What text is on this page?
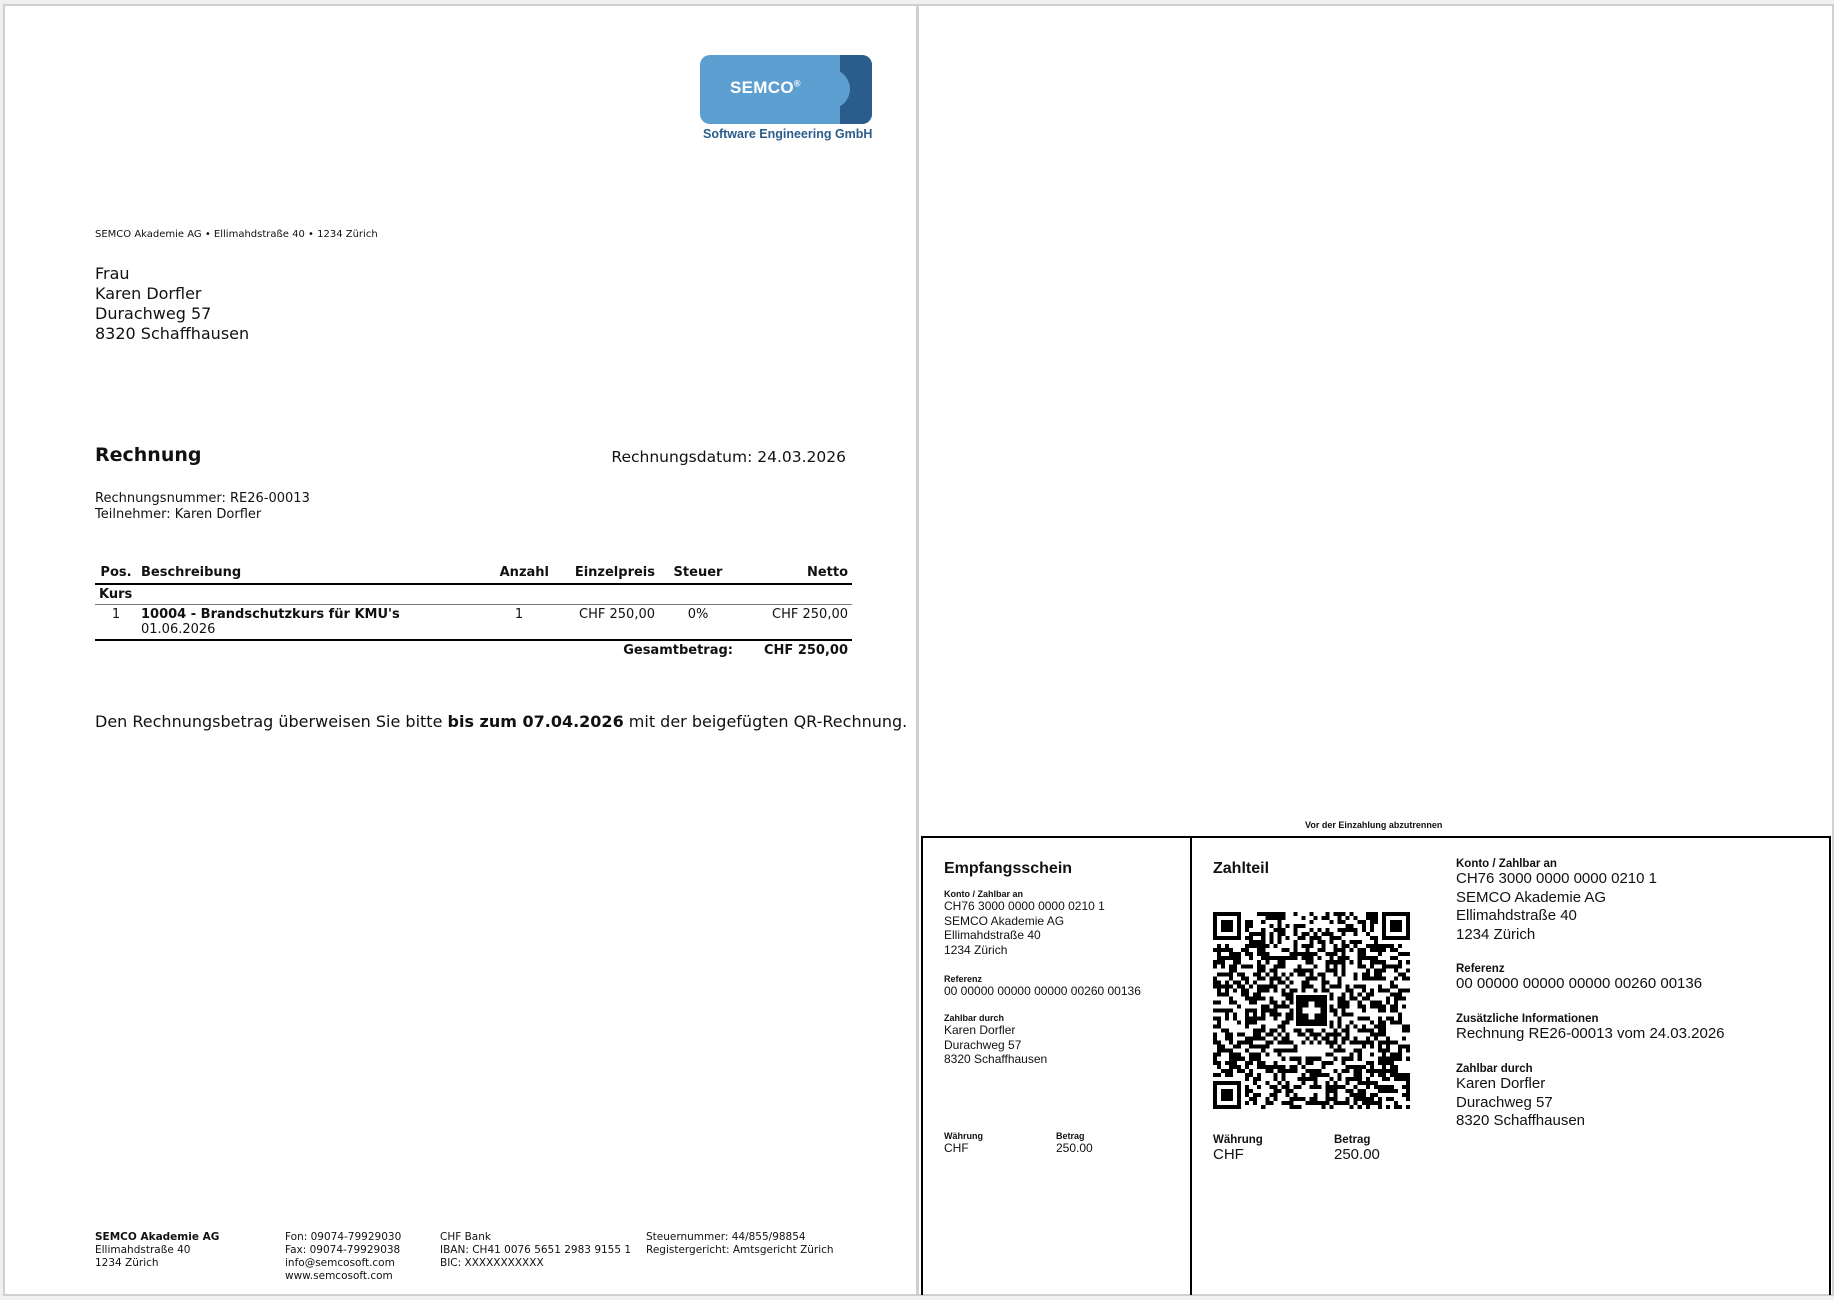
SEMCO®
Software Engineering GmbH
SEMCO Akademie AG • Ellimahdstraße 40 • 1234 Zürich
Frau
Karen Dorfler
Durachweg 57
8320 Schaffhausen
Rechnung	Rechnungsdatum: 24.03.2026
Rechnungsnummer: RE26-00013
Teilnehmer: Karen Dorfler
Pos.	Beschreibung	Anzahl	Einzelpreis	Steuer	Netto
Kurs					
1	10004 - Brandschutzkurs für KMU's
01.06.2026	1	CHF 250,00	0%	CHF 250,00
Gesamtbetrag:					CHF 250,00
Den Rechnungsbetrag überweisen Sie bitte bis zum 07.04.2026 mit der beigefügten QR-Rechnung.
SEMCO Akademie AG
Ellimahdstraße 40
1234 Zürich
Fon: 09074-79929030
Fax: 09074-79929038
info@semcosoft.com
www.semcosoft.com
CHF Bank
IBAN: CH41 0076 5651 2983 9155 1
BIC: XXXXXXXXXXX
Steuernummer: 44/855/98854
Registergericht: Amtsgericht Zürich
Vor der Einzahlung abzutrennen
Empfangsschein
Konto / Zahlbar an
CH76 3000 0000 0000 0210 1
SEMCO Akademie AG
Ellimahdstraße 40
1234 Zürich
Referenz
00 00000 00000 00000 00260 00136
Zahlbar durch
Karen Dorfler
Durachweg 57
8320 Schaffhausen
Währung
CHF
Betrag
250.00
Zahlteil
Währung
CHF
Betrag
250.00
Konto / Zahlbar an
CH76 3000 0000 0000 0210 1
SEMCO Akademie AG
Ellimahdstraße 40
1234 Zürich
Referenz
00 00000 00000 00000 00260 00136
Zusätzliche Informationen
Rechnung RE26-00013 vom 24.03.2026
Zahlbar durch
Karen Dorfler
Durachweg 57
8320 Schaffhausen
